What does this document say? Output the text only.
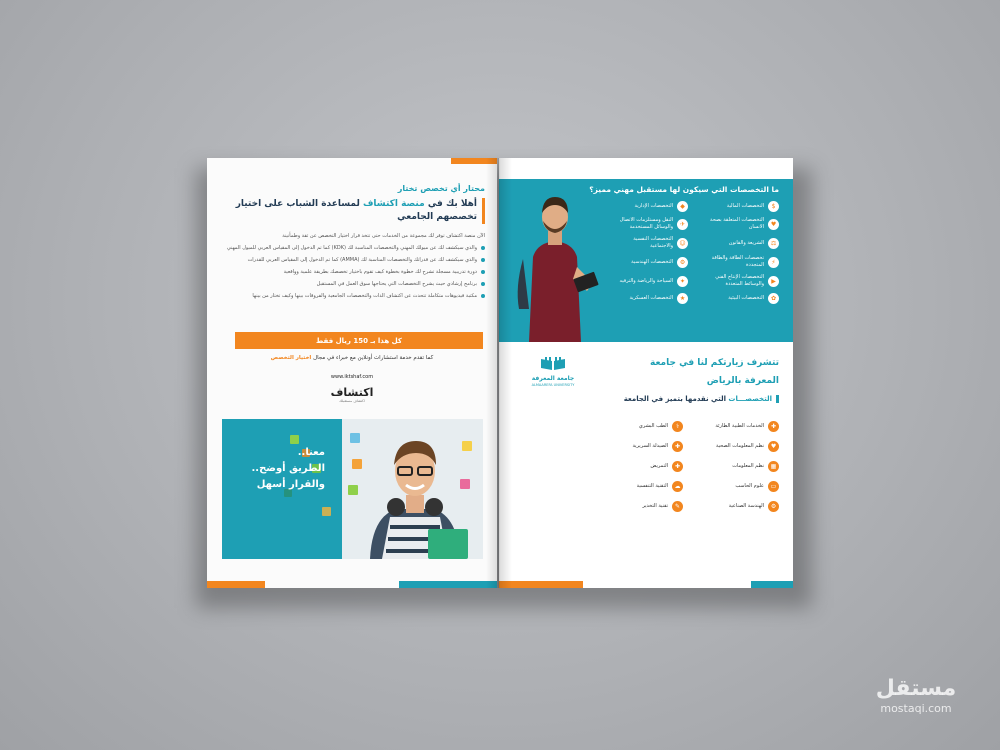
محتار أي تخصص تختار
أهلا بك في منصة اكتشاف لمساعدة الشباب على اختيار
تخصصهم الجامعي
الآن منصة اكتشاف توفر لك مجموعة من الخدمات حتى تتخذ قرار اختيار التخصص عن ثقة وطمأنينة
والذي سيكشف لك عن ميولك المهني والتخصصات المناسبة لك (KDK) كما تم الدخول إلى المقياس العربي للميول المهني
والذي سيكشف لك عن قدراتك والتخصصات المناسبة لك (AMMA) كما تم الدخول إلى المقياس العربي للقدرات
دورة تدريبية مسجلة تشرح لك خطوة بخطوة كيف تقوم باختيار تخصصك بطريقة علمية وواقعية
برنامج إرشادي حيث يشرح التخصصات التي يحتاجها سوق العمل في المستقبل
مكتبة فيديوهات متكاملة تتحدث عن اكتشاف الذات والتخصصات الجامعية والفروقات بينها وكيف تختار من بينها
كل هذا بـ 150 ريال فقط
كما تقدم خدمة استشارات أونلاين مع خبراء في مجال اختيار التخصص
www.iktshaf.com
اكتشاف
اكتشاف مستقبلك
معنا..
الطريق أوضح..
والقرار أسهل
ما التخصصات التي سيكون لها مستقبل مهني مميز؟
$
التخصصات المالية
◆
التخصصات الإدارية
♥
التخصصات المتعلقة بصحة الانسان
✈
النقل ومستلزمات الاتصال والوسائل المستخدمة
⚖
الشريعة والقانون
☺
التخصصات النفسية والاجتماعية
⚡
تخصصات الطاقة والطاقة المتجددة
⚙
التخصصات الهندسية
▶
التخصصات الإنتاج الفني والوسائط المتعددة
✦
السياحة والرياضة والترفيه
✿
التخصصات البيئية
★
التخصصات العسكرية
تتشرف زيارتكم لنا في جامعة
المعرفة بالرياض
جامعة المعرفة
ALMAAREFA UNIVERSITY
التخصصـــات التي نقدمها بتميز في الجامعة
✚
الخدمات الطبية الطارئة
⚕
الطب البشري
♥
نظم المعلومات الصحية
✚
الصيدلة السريرية
▦
نظم المعلومات
✚
التمريض
▭
علوم الحاسب
☁
التقنية التنفسية
⚙
الهندسة الصناعية
✎
تقنية التخدير
مستقل
mostaqi.com
